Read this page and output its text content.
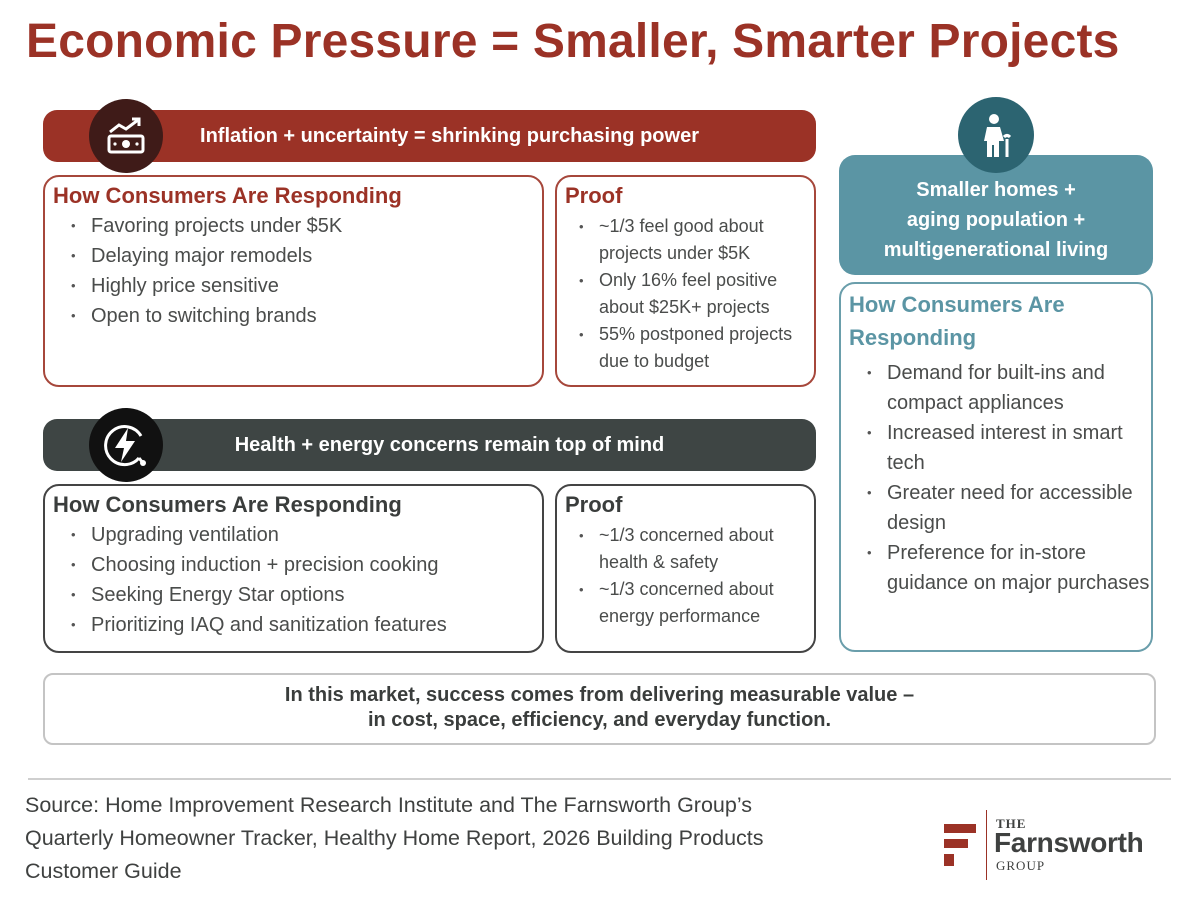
Economic Pressure = Smaller, Smarter Projects
Inflation + uncertainty = shrinking purchasing power
How Consumers Are Responding
• Favoring projects under $5K
• Delaying major remodels
• Highly price sensitive
• Open to switching brands
Proof
• ~1/3 feel good about projects under $5K
• Only 16% feel positive about $25K+ projects
• 55% postponed projects due to budget
Health + energy concerns remain top of mind
How Consumers Are Responding
• Upgrading ventilation
• Choosing induction + precision cooking
• Seeking Energy Star options
• Prioritizing IAQ and sanitization features
Proof
• ~1/3 concerned about health & safety
• ~1/3 concerned about energy performance
Smaller homes +
aging population +
multigenerational living
How Consumers Are
Responding
• Demand for built-ins and compact appliances
• Increased interest in smart tech
• Greater need for accessible design
• Preference for in-store guidance on major purchases
In this market, success comes from delivering measurable value –
in cost, space, efficiency, and everyday function.
Source: Home Improvement Research Institute and The Farnsworth Group’s
Quarterly Homeowner Tracker, Healthy Home Report, 2026 Building Products
Customer Guide
THE
Farnsworth
GROUP
